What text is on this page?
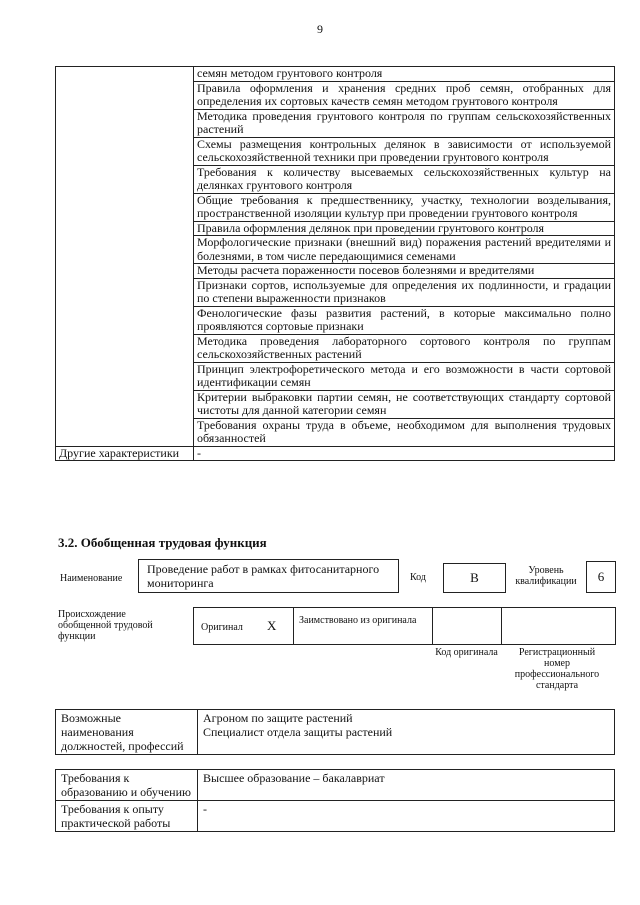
9
	семян методом грунтового контроля
	Правила оформления и хранения средних проб семян, отобранных для определения их сортовых качеств семян методом грунтового контроля
	Методика проведения грунтового контроля по группам сельскохозяйственных растений
	Схемы размещения контрольных делянок в зависимости от используемой сельскохозяйственной техники при проведении грунтового контроля
	Требования к количеству высеваемых сельскохозяйственных культур на делянках грунтового контроля
	Общие требования к предшественнику, участку, технологии возделывания, пространственной изоляции культур при проведении грунтового контроля
	Правила оформления делянок при проведении грунтового контроля
	Морфологические признаки (внешний вид) поражения растений вредителями и болезнями, в том числе передающимися семенами
	Методы расчета пораженности посевов болезнями и вредителями
	Признаки сортов, используемые для определения их подлинности, и градации по степени выраженности признаков
	Фенологические фазы развития растений, в которые максимально полно проявляются сортовые признаки
	Методика проведения лабораторного сортового контроля по группам сельскохозяйственных растений
	Принцип электрофоретического метода и его возможности в части сортовой идентификации семян
	Критерии выбраковки партии семян, не соответствующих стандарту сортовой чистоты для данной категории семян
	Требования охраны труда в объеме, необходимом для выполнения трудовых обязанностей
Другие характеристики	-
3.2. Обобщенная трудовая функция
Наименование
Проведение работ в рамках фитосанитарного мониторинга	Код	B	Уровень квалификации	6
Происхождение обобщенной трудовой функции
Оригинал X Заимствовано из оригинала
Код оригинала	Регистрационный номер профессионального стандарта
Возможные наименования должностей, профессий	
Агроном по защите растений
Специалист отдела защиты растений
Требования к образованию и обучению	Высшее образование – бакалавриат
Требования к опыту практической работы	-
